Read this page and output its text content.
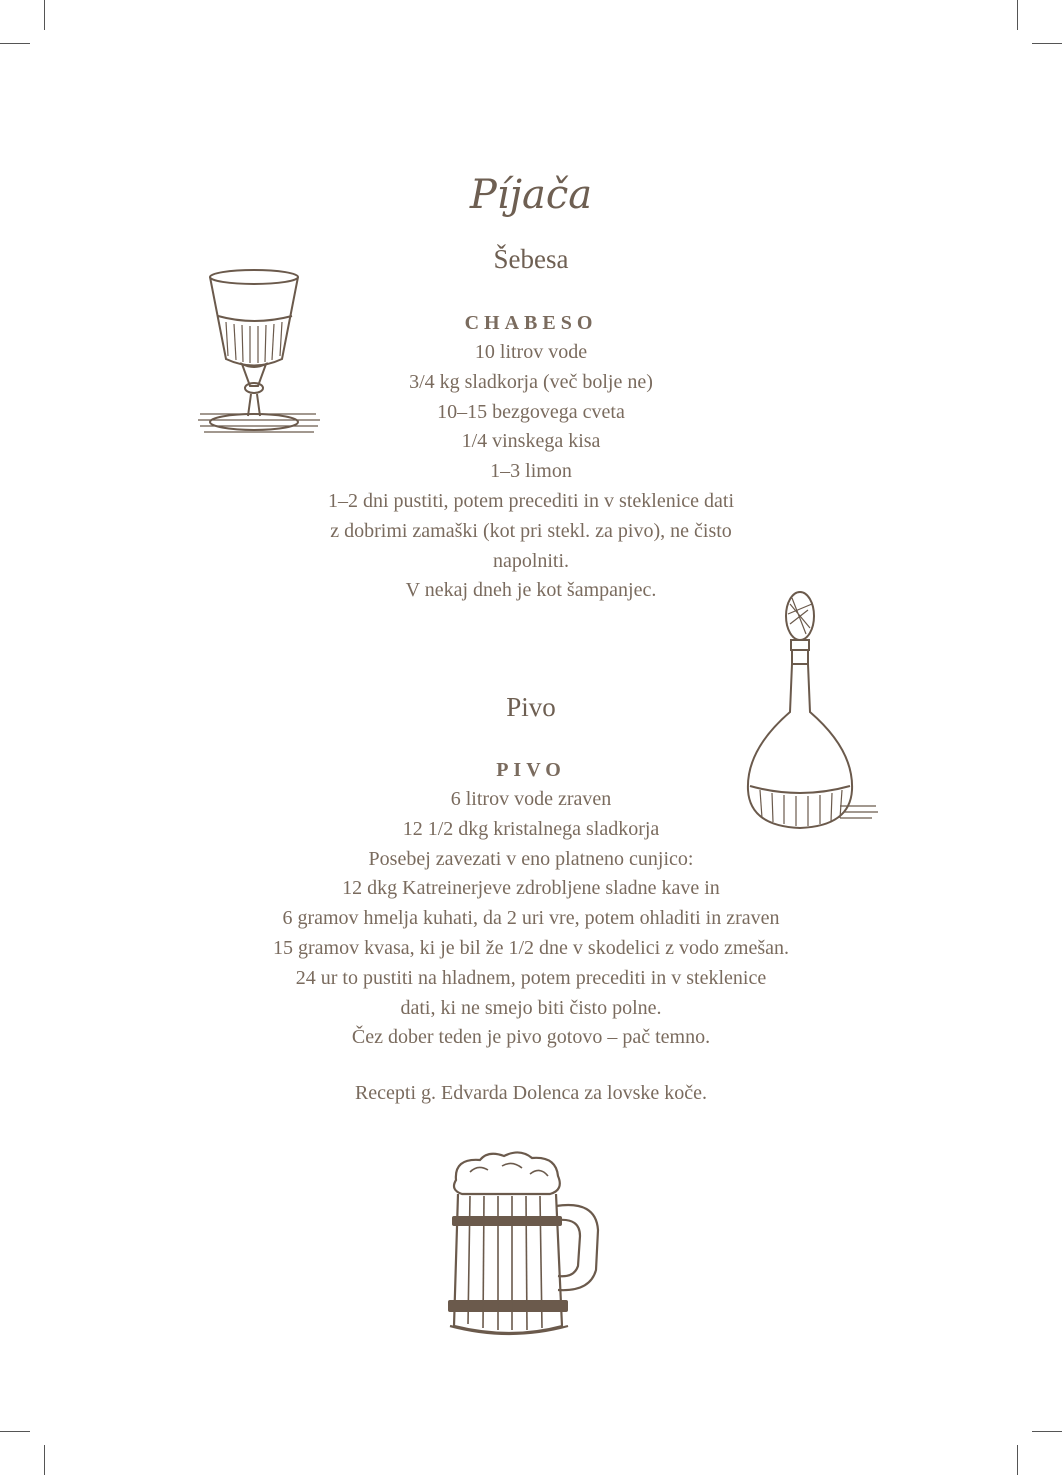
Píjača
Šebesa
CHABESO
10 litrov vode
3/4 kg sladkorja (več bolje ne)
10–15 bezgovega cveta
1/4 vinskega kisa
1–3 limon
1–2 dni pustiti, potem precediti in v steklenice dati
z dobrimi zamaški (kot pri stekl. za pivo), ne čisto
napolniti.
V nekaj dneh je kot šampanjec.
Pivo
PIVO
6 litrov vode zraven
12 1/2 dkg kristalnega sladkorja
Posebej zavezati v eno platneno cunjico:
12 dkg Katreinerjeve zdrobljene sladne kave in
6 gramov hmelja kuhati, da 2 uri vre, potem ohladiti in zraven
15 gramov kvasa, ki je bil že 1/2 dne v skodelici z vodo zmešan.
24 ur to pustiti na hladnem, potem precediti in v steklenice
dati, ki ne smejo biti čisto polne.
Čez dober teden je pivo gotovo – pač temno.
Recepti g. Edvarda Dolenca za lovske koče.
